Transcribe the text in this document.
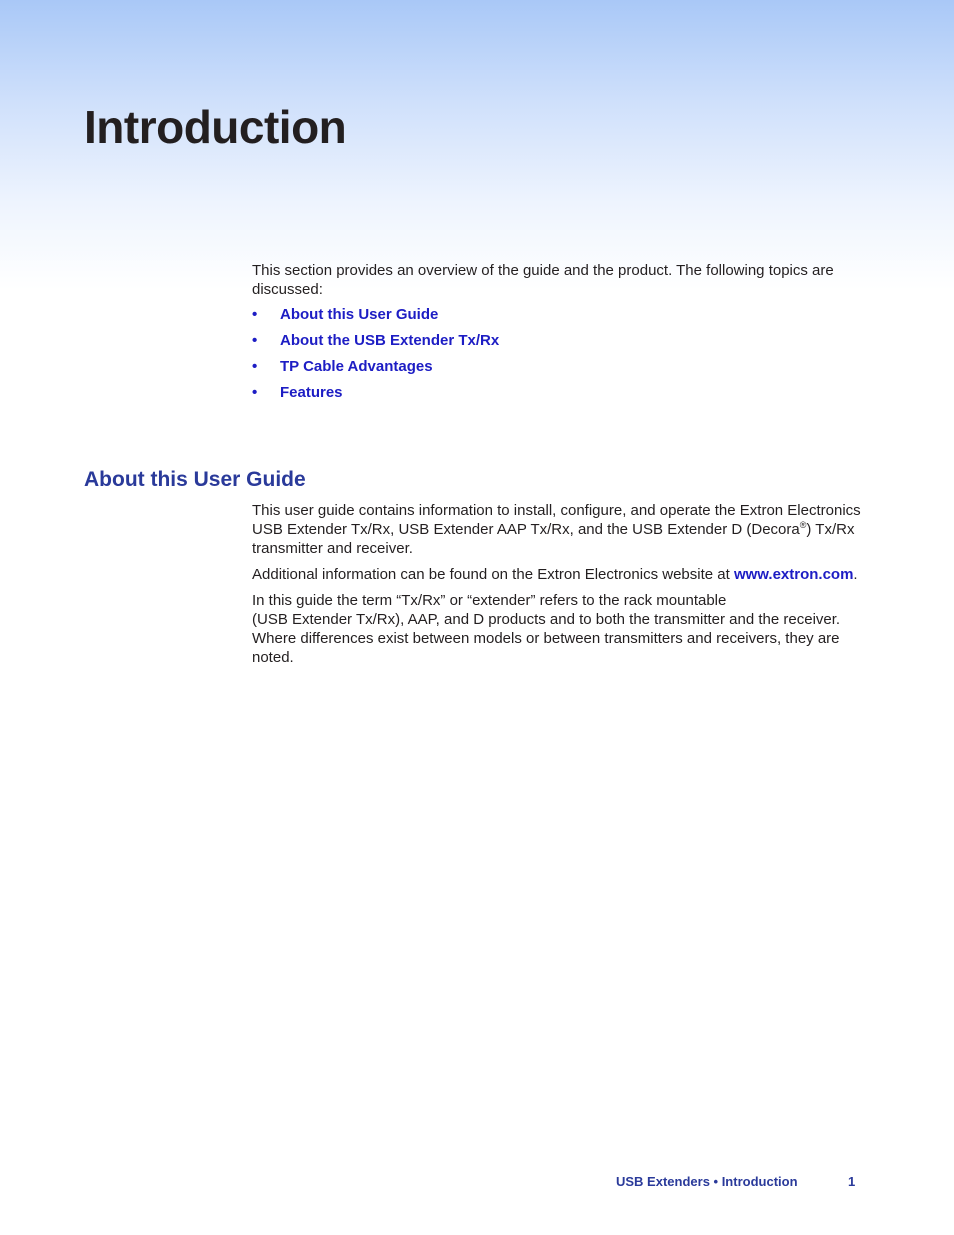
Introduction

This section provides an overview of the guide and the product. The following topics are discussed:

•	About this User Guide
•	About the USB Extender Tx/Rx
•	TP Cable Advantages
•	Features
About this User Guide

This user guide contains information to install, configure, and operate the Extron Electronics USB Extender Tx/Rx, USB Extender AAP Tx/Rx, and the USB Extender D (Decora®) Tx/Rx transmitter and receiver.

Additional information can be found on the Extron Electronics website at www.extron.com.

In this guide the term “Tx/Rx” or “extender” refers to the rack mountable
(USB Extender Tx/Rx), AAP, and D products and to both the transmitter and the receiver. Where differences exist between models or between transmitters and receivers, they are noted.

USB Extenders • Introduction	1
